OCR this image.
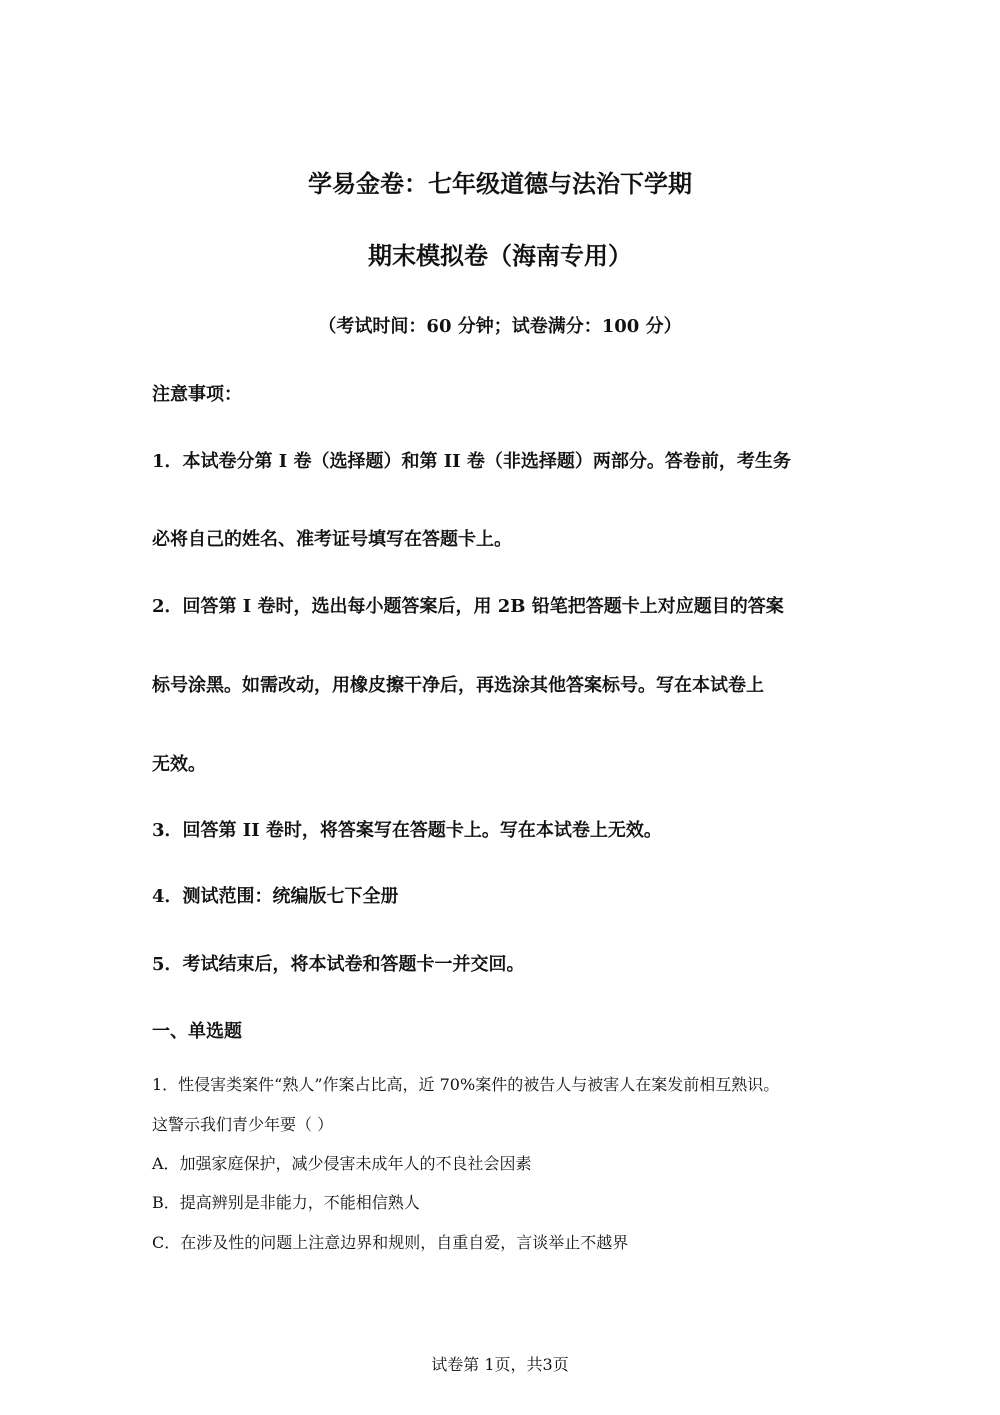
学易金卷：七年级道德与法治下学期
期末模拟卷（海南专用）
（考试时间：60 分钟；试卷满分：100 分）
注意事项：
1．本试卷分第 I 卷（选择题）和第 II 卷（非选择题）两部分。答卷前，考生务
必将自己的姓名、准考证号填写在答题卡上。
2．回答第 I 卷时，选出每小题答案后，用 2B 铅笔把答题卡上对应题目的答案
标号涂黑。如需改动，用橡皮擦干净后，再选涂其他答案标号。写在本试卷上
无效。
3．回答第 II 卷时，将答案写在答题卡上。写在本试卷上无效。
4．测试范围：统编版七下全册
5．考试结束后，将本试卷和答题卡一并交回。
一、单选题
1．性侵害类案件“熟人”作案占比高，近 70%案件的被告人与被害人在案发前相互熟识。
这警示我们青少年要（ ）
A．加强家庭保护，减少侵害未成年人的不良社会因素
B．提高辨别是非能力，不能相信熟人
C．在涉及性的问题上注意边界和规则，自重自爱，言谈举止不越界
试卷第 1页，共3页
